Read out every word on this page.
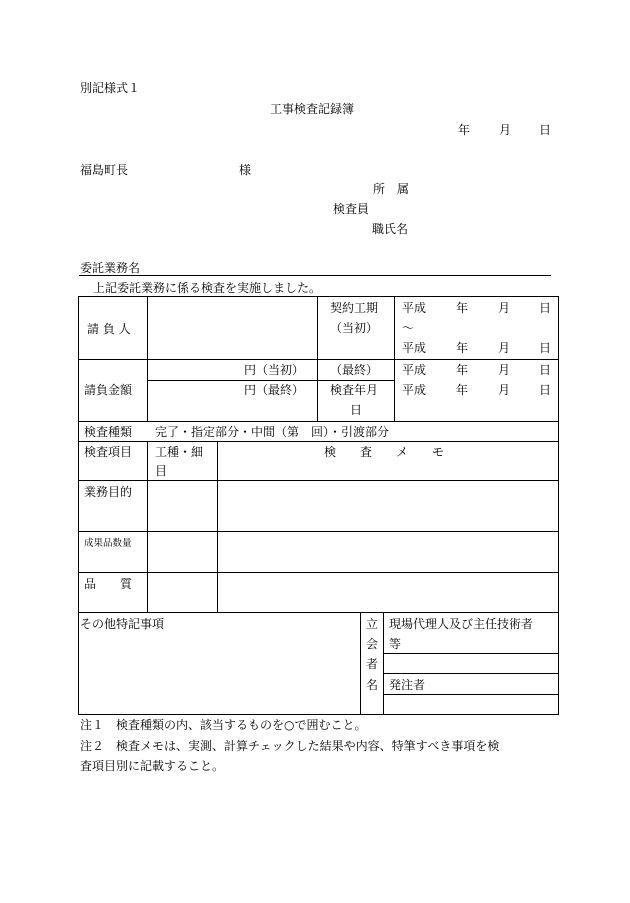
別記様式１
工事検査記録簿
年 月 日
福島町長	様
所　属
検査員
職氏名
委託業務名
上記委託業務に係る検査を実施しました。
請 負 人
契約工期
（当初）
平成 年 月 日
～
平成 年 月 日
請負金額
円（当初）
円（最終）
（最終） 平成 年 月 日
検査年月
日
平成 年 月 日
検査種類 完了・指定部分・中間（第　回）・引渡部分
検査項目 工種・細
目
検　　査　　メ　　モ
業務目的
成果品数量
品　　質
その他特記事項	立
会
者
名
現場代理人及び主任技術者
等
発注者
注１　検査種類の内、該当するものを○で囲むこと。
注２　検査メモは、実測、計算チェックした結果や内容、特筆すべき事項を検
査項目別に記載すること。
